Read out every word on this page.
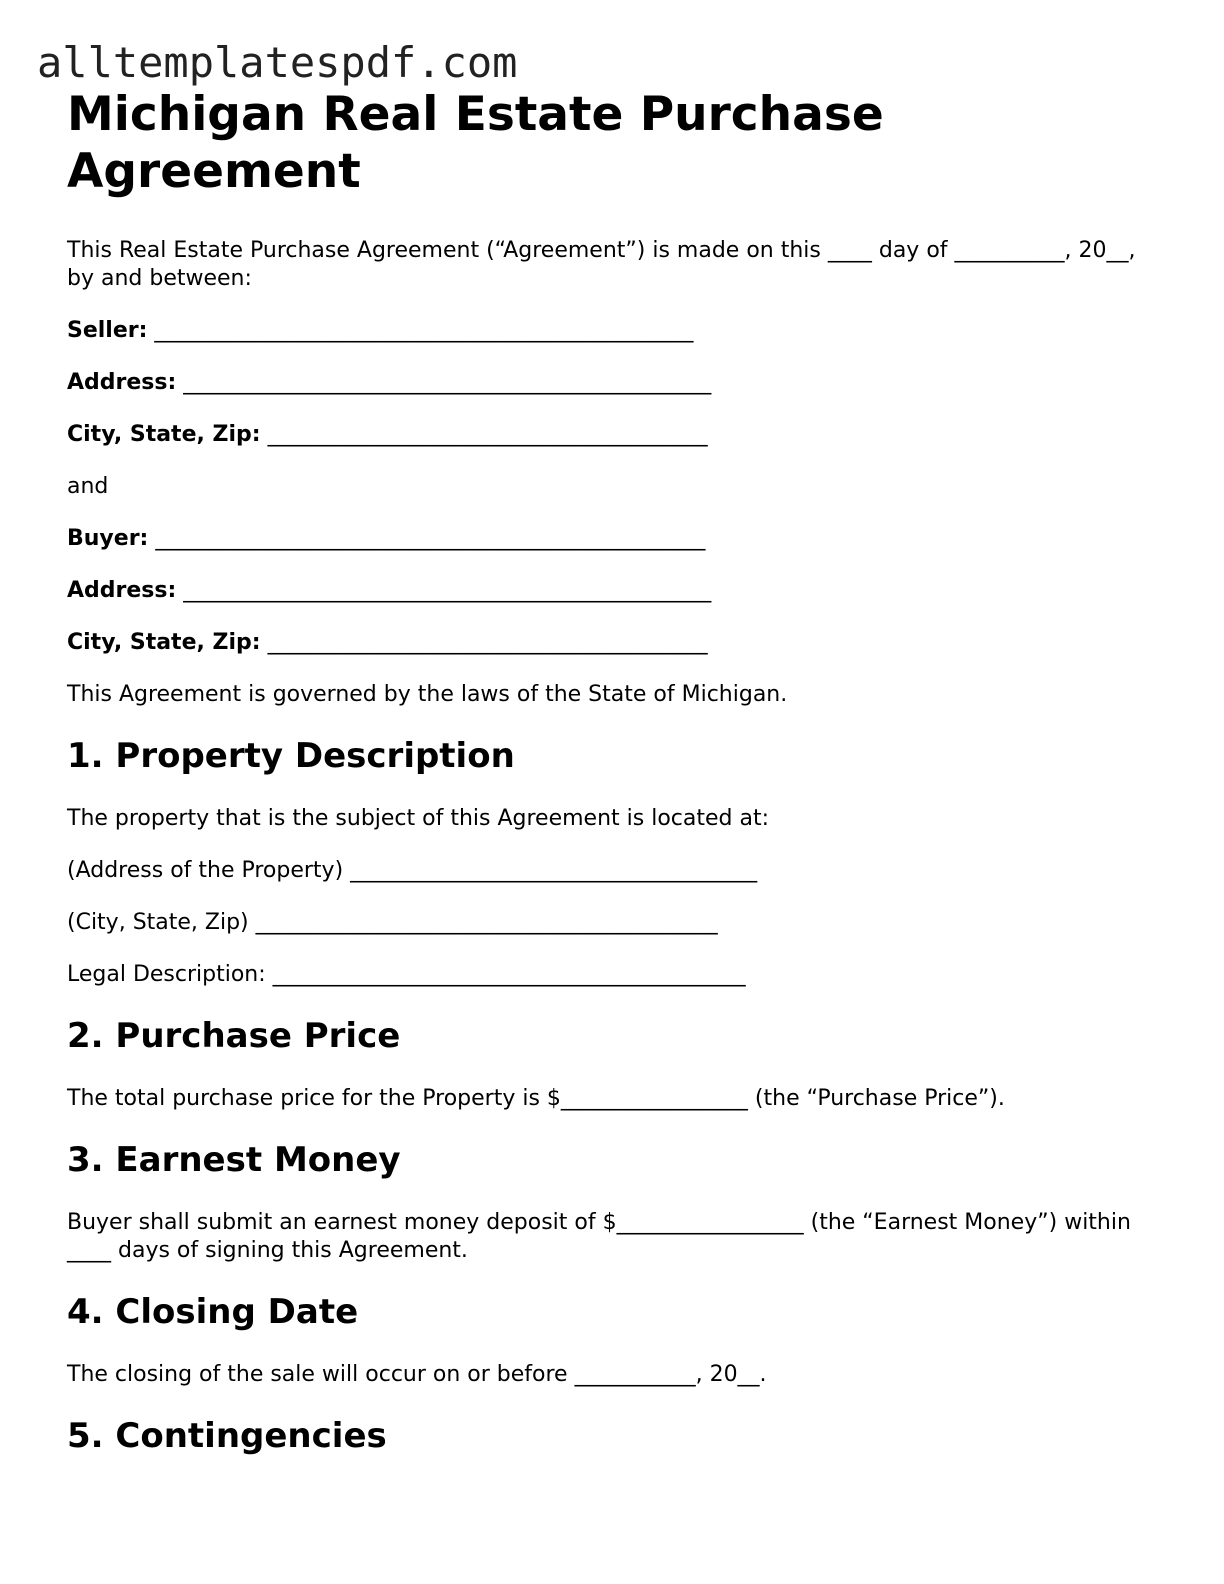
alltemplatespdf.com
Michigan Real Estate Purchase Agreement

This Real Estate Purchase Agreement (“Agreement”) is made on this ____ day of __________, 20__, by and between:

Seller: _________________________________________________

Address: ________________________________________________

City, State, Zip: ________________________________________

and

Buyer: __________________________________________________

Address: ________________________________________________

City, State, Zip: ________________________________________

This Agreement is governed by the laws of the State of Michigan.

1. Property Description

The property that is the subject of this Agreement is located at:

(Address of the Property) _____________________________________

(City, State, Zip) __________________________________________

Legal Description: ___________________________________________

2. Purchase Price

The total purchase price for the Property is $_________________ (the “Purchase Price”).

3. Earnest Money

Buyer shall submit an earnest money deposit of $_________________ (the “Earnest Money”) within ____ days of signing this Agreement.

4. Closing Date

The closing of the sale will occur on or before ___________, 20__.

5. Contingencies
